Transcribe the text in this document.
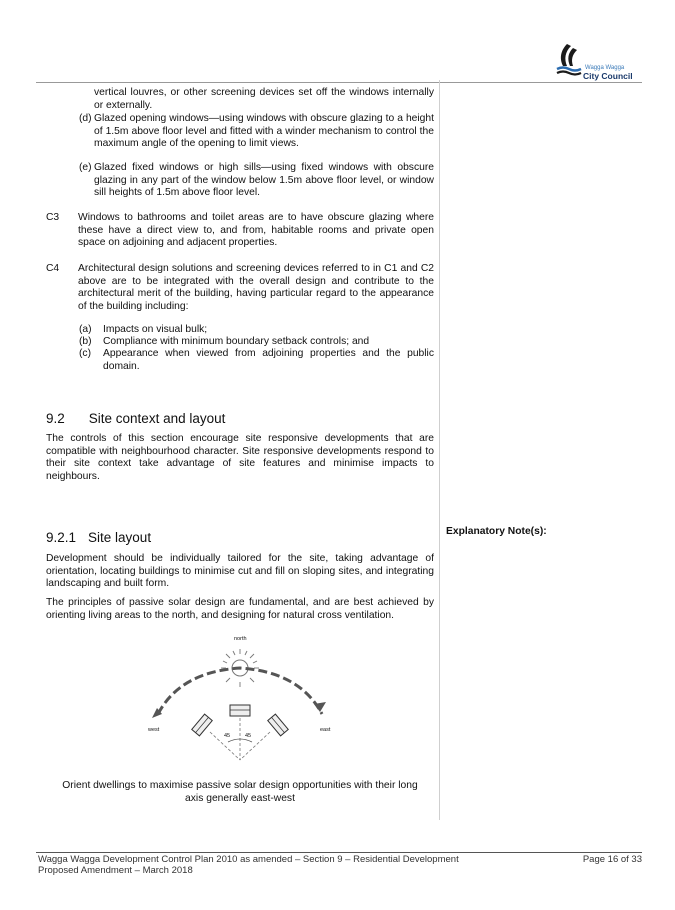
Wagga Wagga
City Council
vertical louvres, or other screening devices set off the windows internally or externally.
(d) Glazed opening windows—using windows with obscure glazing to a height of 1.5m above floor level and fitted with a winder mechanism to control the maximum angle of the opening to limit views.
(e) Glazed fixed windows or high sills—using fixed windows with obscure glazing in any part of the window below 1.5m above floor level, or window sill heights of 1.5m above floor level.
C3 Windows to bathrooms and toilet areas are to have obscure glazing where these have a direct view to, and from, habitable rooms and private open space on adjoining and adjacent properties.
C4 Architectural design solutions and screening devices referred to in C1 and C2 above are to be integrated with the overall design and contribute to the architectural merit of the building, having particular regard to the appearance of the building including:
(a) Impacts on visual bulk;
(b) Compliance with minimum boundary setback controls; and
(c) Appearance when viewed from adjoining properties and the public domain.
9.2 Site context and layout
The controls of this section encourage site responsive developments that are compatible with neighbourhood character. Site responsive developments respond to their site context take advantage of site features and minimise impacts to neighbours.
Explanatory Note(s):
9.2.1 Site layout
Development should be individually tailored for the site, taking advantage of orientation, locating buildings to minimise cut and fill on sloping sites, and integrating landscaping and built form.
The principles of passive solar design are fundamental, and are best achieved by orienting living areas to the north, and designing for natural cross ventilation.
north
west	east
45	45
Orient dwellings to maximise passive solar design opportunities with their long axis generally east-west
Wagga Wagga Development Control Plan 2010 as amended – Section 9 – Residential Development
Proposed Amendment – March 2018
Page 16 of 33
